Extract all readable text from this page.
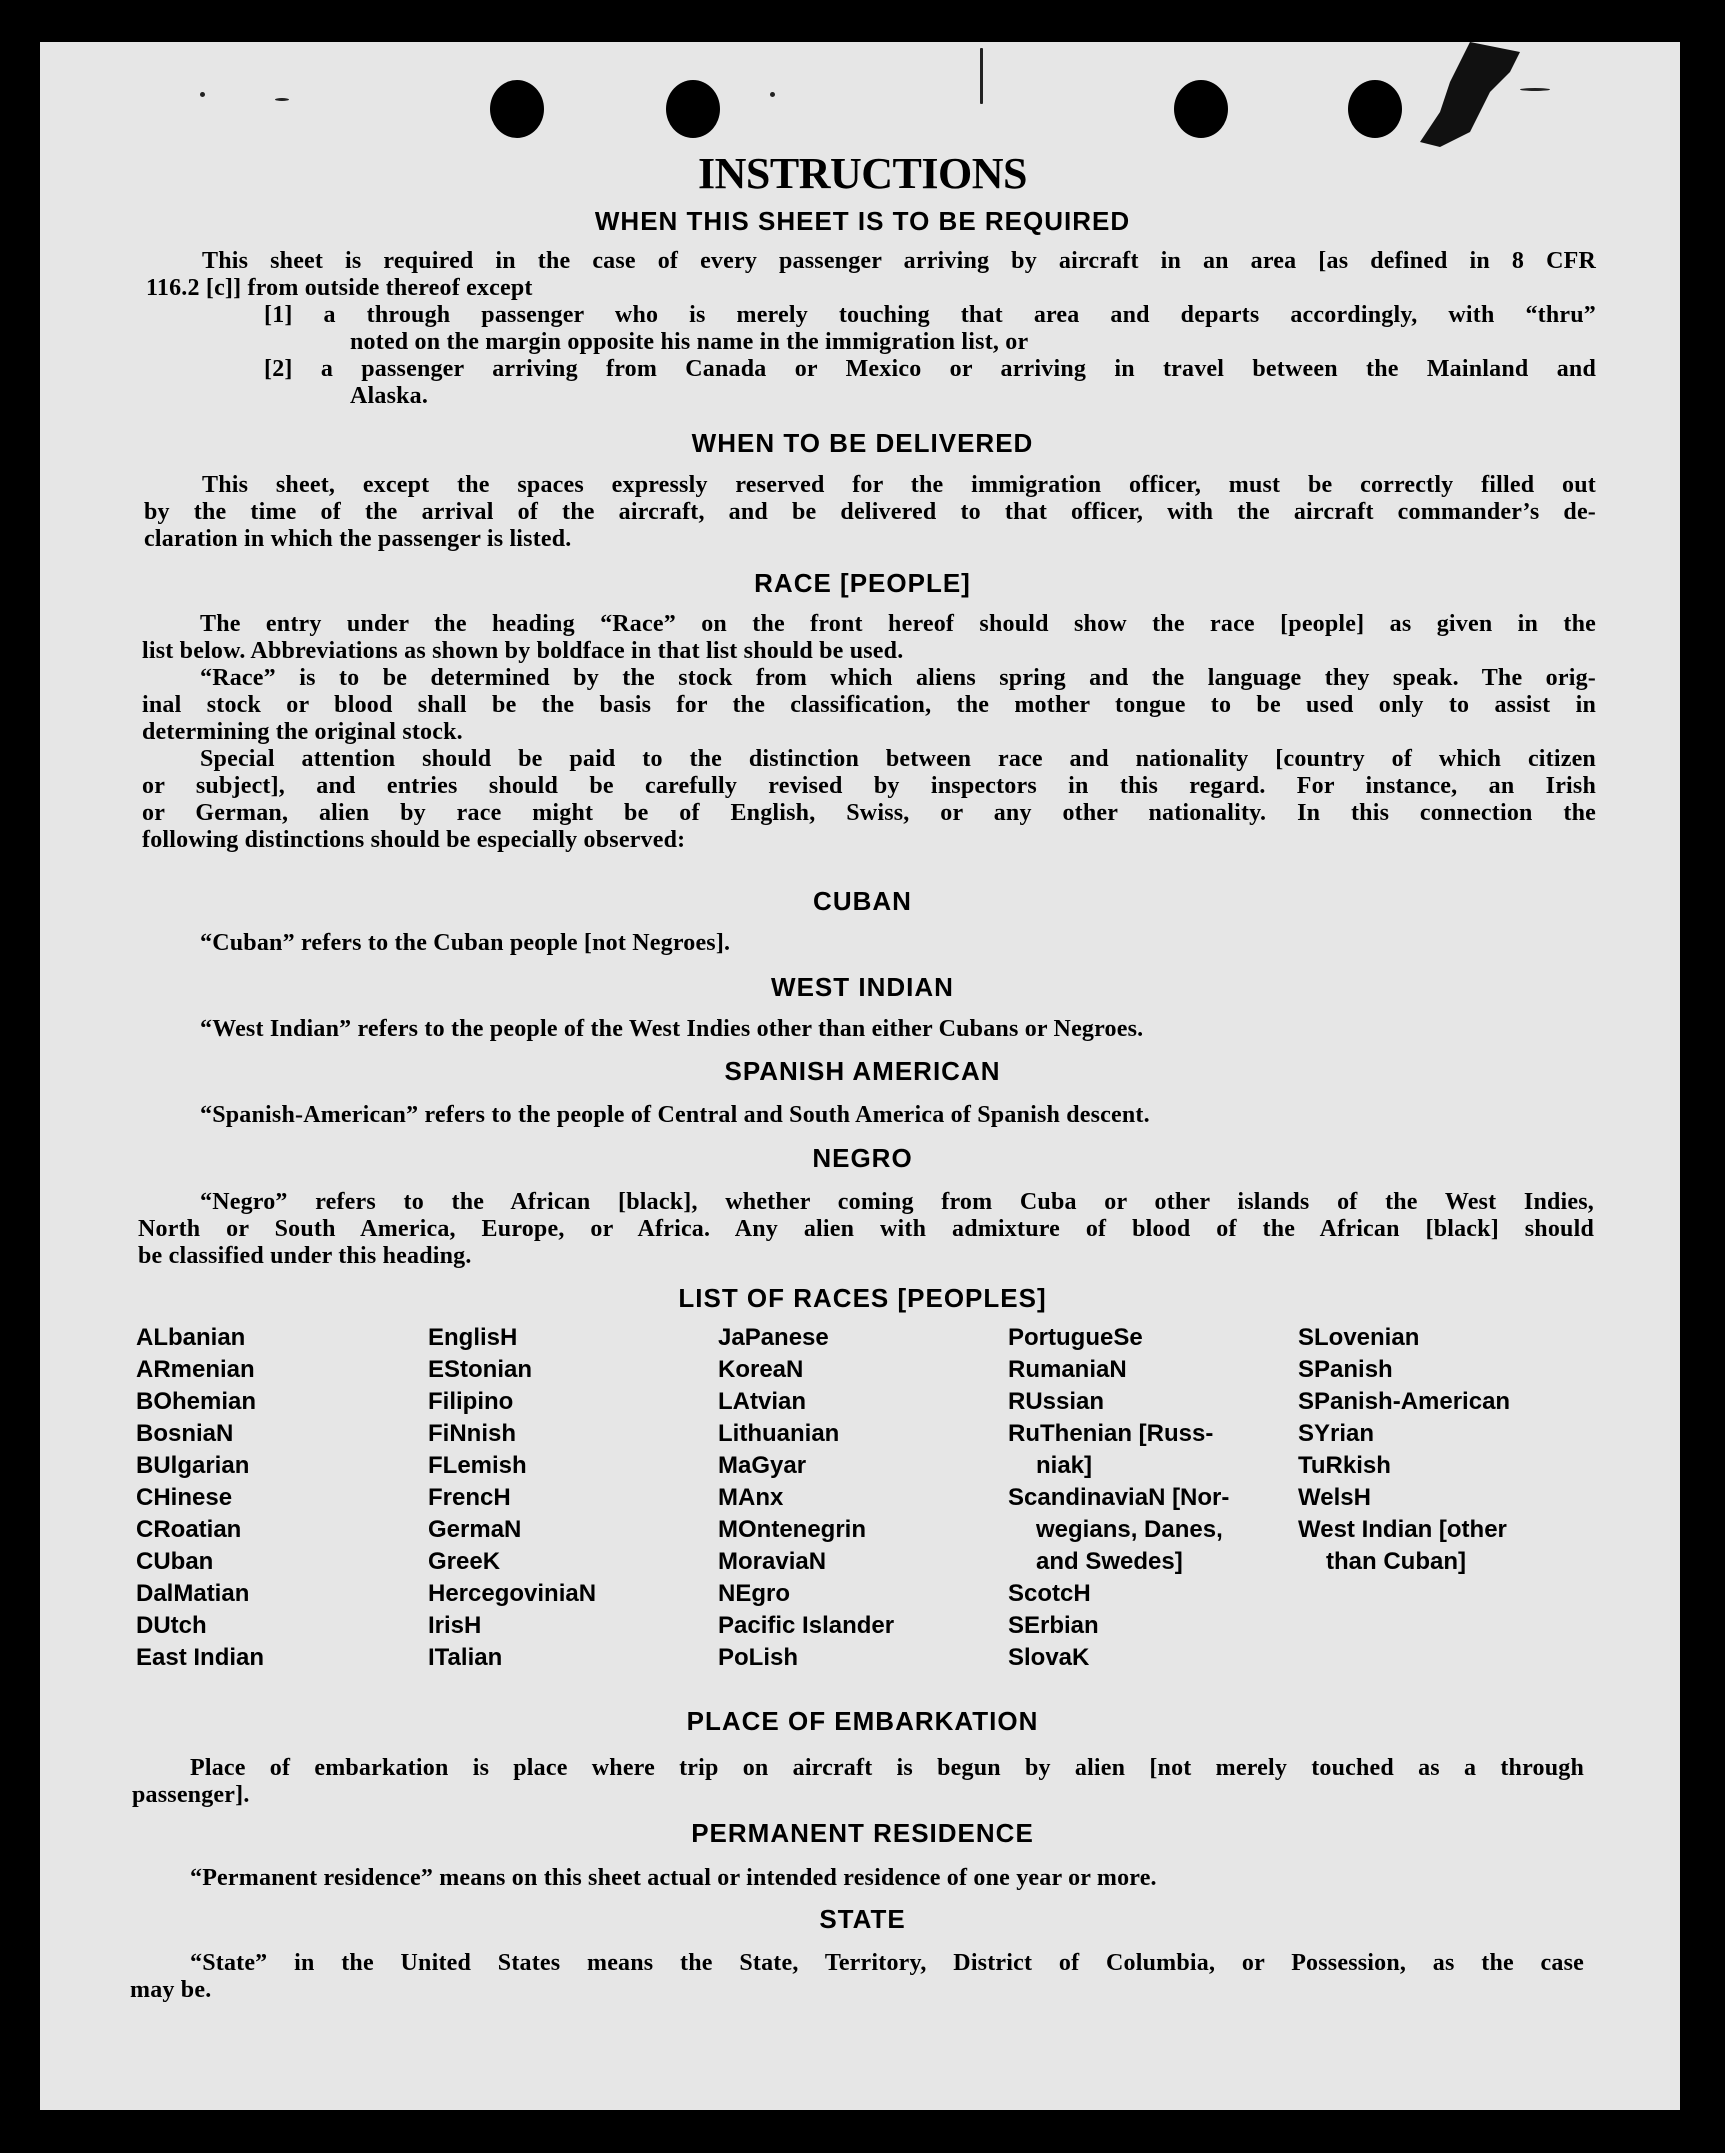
INSTRUCTIONS
WHEN THIS SHEET IS TO BE REQUIRED
This sheet is required in the case of every passenger arriving by aircraft in an area [as defined in 8 CFR
116.2 [c]] from outside thereof except
[1] a through passenger who is merely touching that area and departs accordingly, with “thru”
noted on the margin opposite his name in the immigration list, or
[2] a passenger arriving from Canada or Mexico or arriving in travel between the Mainland and
Alaska.
WHEN TO BE DELIVERED
This sheet, except the spaces expressly reserved for the immigration officer, must be correctly filled out
by the time of the arrival of the aircraft, and be delivered to that officer, with the aircraft commander’s de-
claration in which the passenger is listed.
RACE [PEOPLE]
The entry under the heading “Race” on the front hereof should show the race [people] as given in the
list below. Abbreviations as shown by boldface in that list should be used.
“Race” is to be determined by the stock from which aliens spring and the language they speak. The orig-
inal stock or blood shall be the basis for the classification, the mother tongue to be used only to assist in
determining the original stock.
Special attention should be paid to the distinction between race and nationality [country of which citizen
or subject], and entries should be carefully revised by inspectors in this regard. For instance, an Irish
or German, alien by race might be of English, Swiss, or any other nationality. In this connection the
following distinctions should be especially observed:
CUBAN
“Cuban” refers to the Cuban people [not Negroes].
WEST INDIAN
“West Indian” refers to the people of the West Indies other than either Cubans or Negroes.
SPANISH AMERICAN
“Spanish-American” refers to the people of Central and South America of Spanish descent.
NEGRO
“Negro” refers to the African [black], whether coming from Cuba or other islands of the West Indies,
North or South America, Europe, or Africa. Any alien with admixture of blood of the African [black] should
be classified under this heading.
LIST OF RACES [PEOPLES]
ALbanian
ARmenian
BOhemian
BosniaN
BUlgarian
CHinese
CRoatian
CUban
DalMatian
DUtch
East Indian
EnglisH
EStonian
Filipino
FiNnish
FLemish
FrencH
GermaN
GreeK
HercegoviniaN
IrisH
ITalian
JaPanese
KoreaN
LAtvian
Lithuanian
MaGyar
MAnx
MOntenegrin
MoraviaN
NEgro
Pacific Islander
PoLish
PortugueSe
RumaniaN
RUssian
RuThenian [Russ-
niak]
ScandinaviaN [Nor-
wegians, Danes,
and Swedes]
ScotcH
SErbian
SlovaK
SLovenian
SPanish
SPanish-American
SYrian
TuRkish
WelsH
West Indian [other
than Cuban]
PLACE OF EMBARKATION
Place of embarkation is place where trip on aircraft is begun by alien [not merely touched as a through
passenger].
PERMANENT RESIDENCE
“Permanent residence” means on this sheet actual or intended residence of one year or more.
STATE
“State” in the United States means the State, Territory, District of Columbia, or Possession, as the case
may be.
